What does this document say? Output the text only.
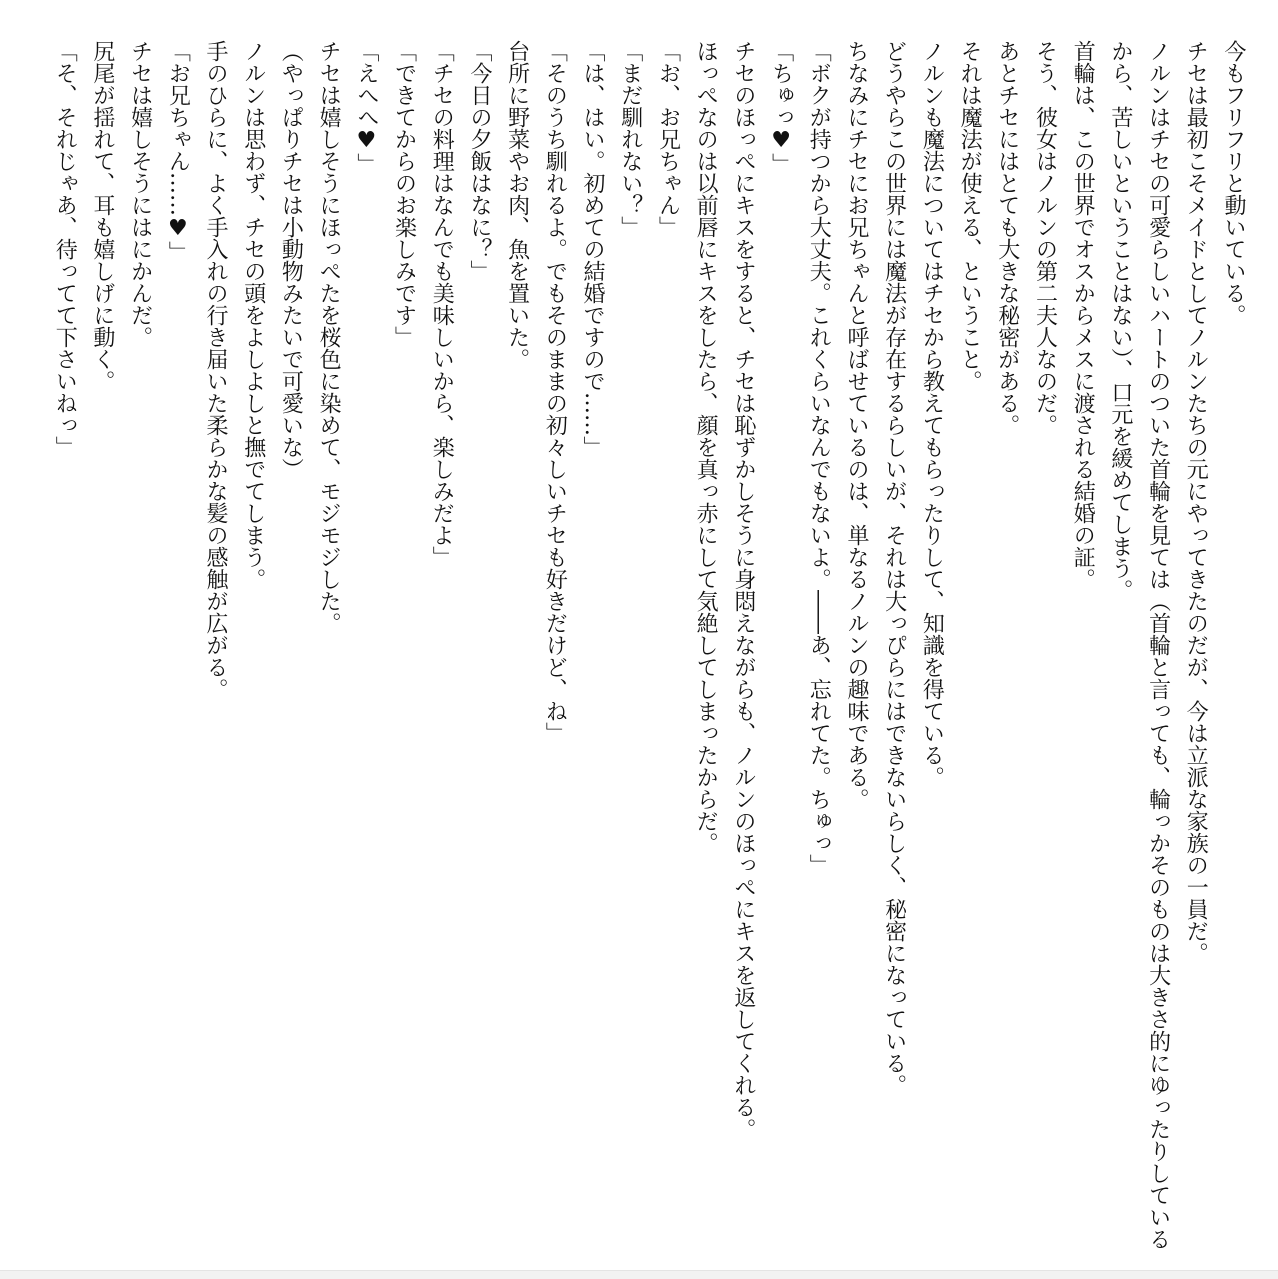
今もフリフリと動いている。

チセは最初こそメイドとしてノルンたちの元にやってきたのだが、今は立派な家族の一員だ。

ノルンはチセの可愛らしいハートのついた首輪を見ては（首輪と言っても、輪っかそのものは大きさ的にゆったりしている

から、苦しいということはない）、口元を緩めてしまう。

首輪は、この世界でオスからメスに渡される結婚の証。

そう、彼女はノルンの第二夫人なのだ。

あとチセにはとても大きな秘密がある。

それは魔法が使える、ということ。

ノルンも魔法についてはチセから教えてもらったりして、知識を得ている。

どうやらこの世界には魔法が存在するらしいが、それは大っぴらにはできないらしく、秘密になっている。

ちなみにチセにお兄ちゃんと呼ばせているのは、単なるノルンの趣味である。

「ボクが持つから大丈夫。これくらいなんでもないよ。――あ、忘れてた。ちゅっ」

「ちゅっ♥」

チセのほっぺにキスをすると、チセは恥ずかしそうに身悶えながらも、ノルンのほっぺにキスを返してくれる。

ほっぺなのは以前唇にキスをしたら、顔を真っ赤にして気絶してしまったからだ。

「お、お兄ちゃん」

「まだ馴れない？」

「は、はい。初めての結婚ですので……」

「そのうち馴れるよ。でもそのままの初々しいチセも好きだけど、ね」

台所に野菜やお肉、魚を置いた。

「今日の夕飯はなに？」

「チセの料理はなんでも美味しいから、楽しみだよ」

「できてからのお楽しみです」

「えへへ♥」

チセは嬉しそうにほっぺたを桜色に染めて、モジモジした。

（やっぱりチセは小動物みたいで可愛いな）

ノルンは思わず、チセの頭をよしよしと撫でてしまう。

手のひらに、よく手入れの行き届いた柔らかな髪の感触が広がる。

「お兄ちゃん……♥」

チセは嬉しそうにはにかんだ。

尻尾が揺れて、耳も嬉しげに動く。

「そ、それじゃあ、待ってて下さいねっ」
